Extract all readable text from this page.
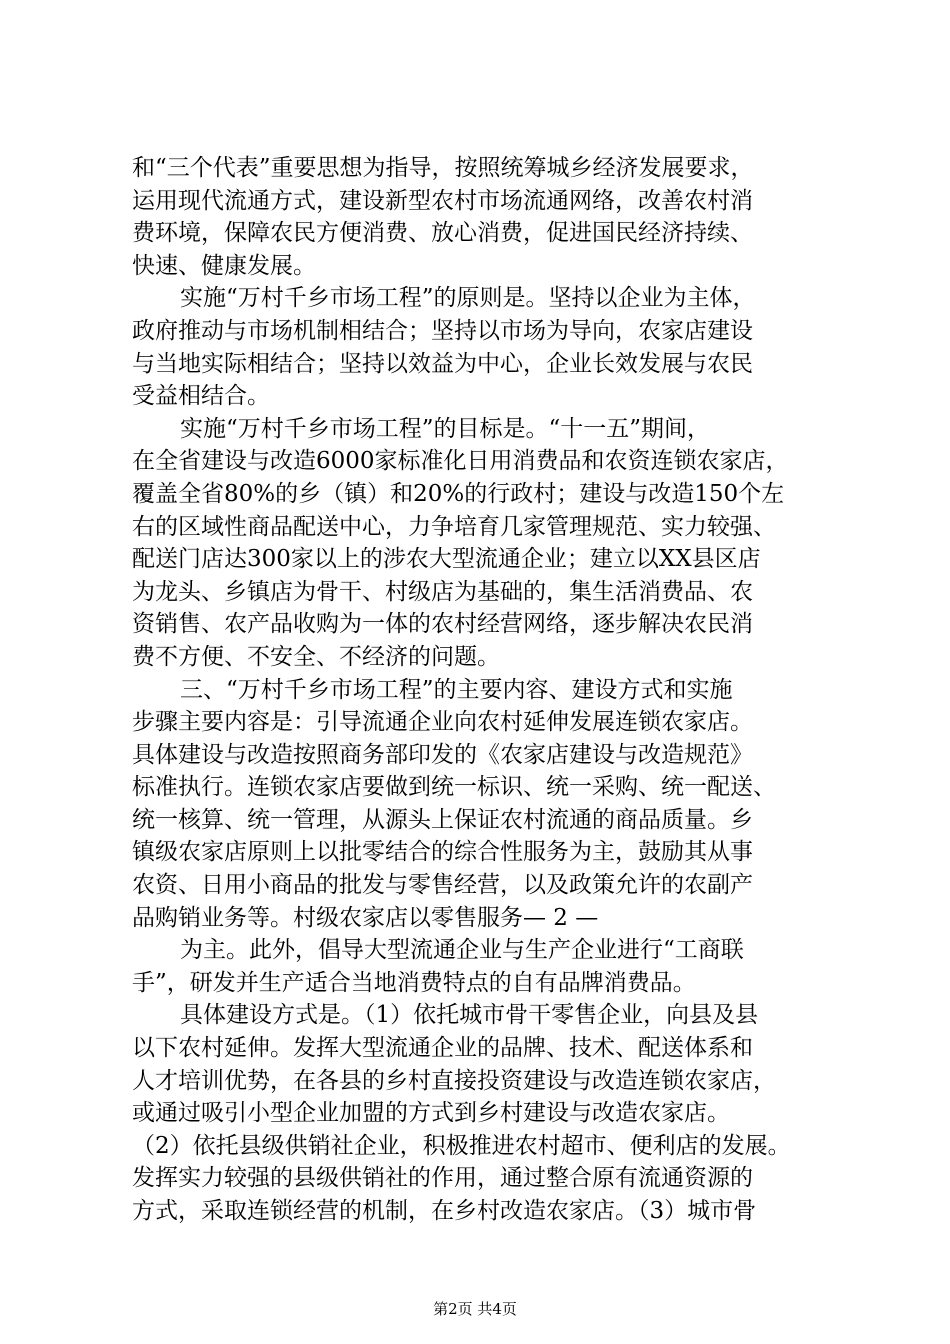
和“三个代表”重要思想为指导，按照统筹城乡经济发展要求，
运用现代流通方式，建设新型农村市场流通网络，改善农村消
费环境，保障农民方便消费、放心消费，促进国民经济持续、
快速、健康发展。
实施“万村千乡市场工程”的原则是。坚持以企业为主体，
政府推动与市场机制相结合；坚持以市场为导向，农家店建设
与当地实际相结合；坚持以效益为中心，企业长效发展与农民
受益相结合。
实施“万村千乡市场工程”的目标是。“十一五”期间，
在全省建设与改造6000家标准化日用消费品和农资连锁农家店，
覆盖全省80%的乡（镇）和20%的行政村；建设与改造150个左
右的区域性商品配送中心，力争培育几家管理规范、实力较强、
配送门店达300家以上的涉农大型流通企业；建立以XX县区店
为龙头、乡镇店为骨干、村级店为基础的，集生活消费品、农
资销售、农产品收购为一体的农村经营网络，逐步解决农民消
费不方便、不安全、不经济的问题。
三、“万村千乡市场工程”的主要内容、建设方式和实施
步骤主要内容是：引导流通企业向农村延伸发展连锁农家店。
具体建设与改造按照商务部印发的《农家店建设与改造规范》
标准执行。连锁农家店要做到统一标识、统一采购、统一配送、
统一核算、统一管理，从源头上保证农村流通的商品质量。乡
镇级农家店原则上以批零结合的综合性服务为主，鼓励其从事
农资、日用小商品的批发与零售经营，以及政策允许的农副产
品购销业务等。村级农家店以零售服务— 2 —
为主。此外，倡导大型流通企业与生产企业进行“工商联
手”，研发并生产适合当地消费特点的自有品牌消费品。
具体建设方式是。（1）依托城市骨干零售企业，向县及县
以下农村延伸。发挥大型流通企业的品牌、技术、配送体系和
人才培训优势，在各县的乡村直接投资建设与改造连锁农家店，
或通过吸引小型企业加盟的方式到乡村建设与改造农家店。
（2）依托县级供销社企业，积极推进农村超市、便利店的发展。
发挥实力较强的县级供销社的作用，通过整合原有流通资源的
方式，采取连锁经营的机制，在乡村改造农家店。（3）城市骨
第2页 共4页
